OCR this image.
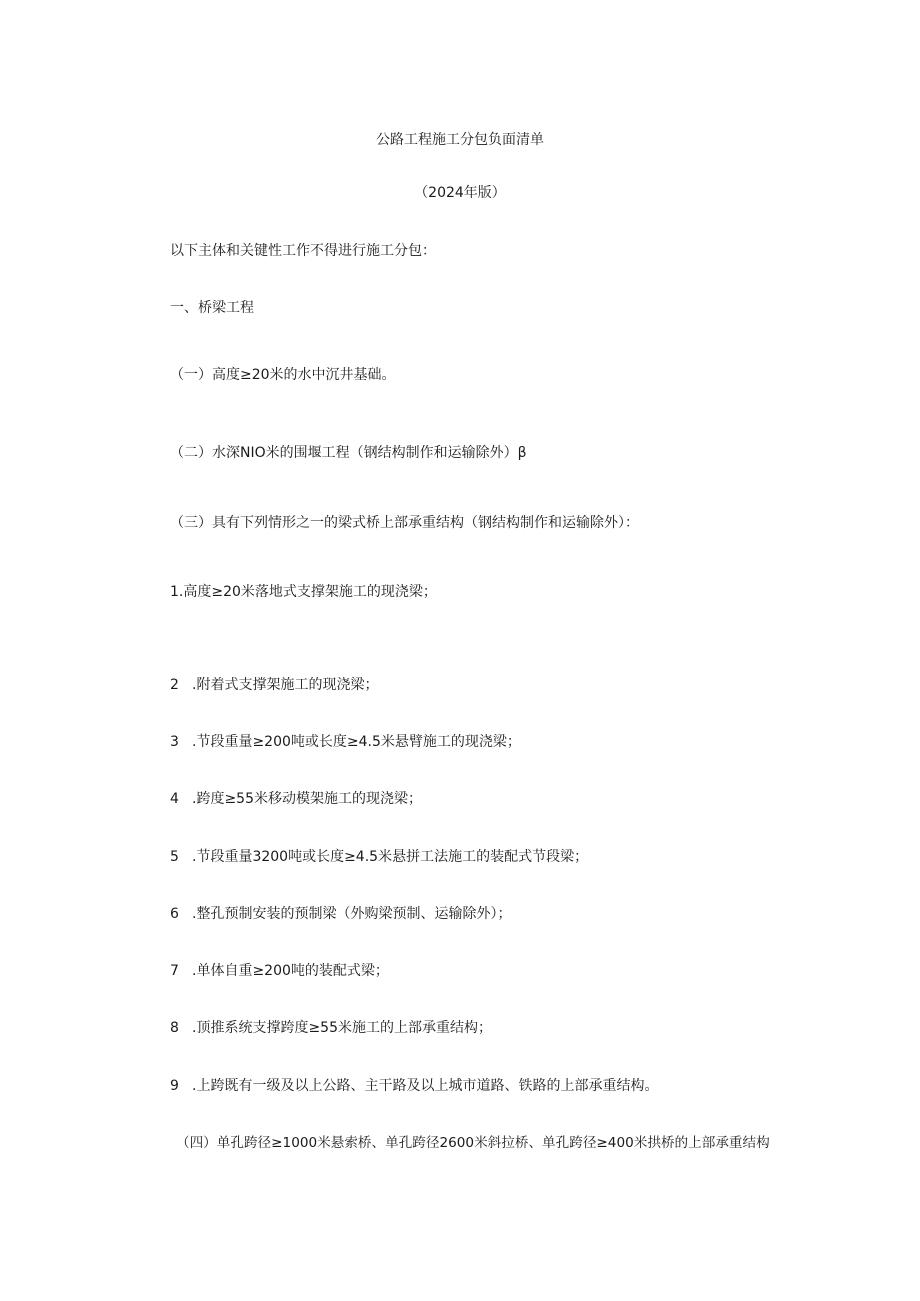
公路工程施工分包负面清单
（2024年版）
以下主体和关键性工作不得进行施工分包：
一、桥梁工程
（一）高度≥20米的水中沉井基础。
（二）水深NIO米的围堰工程（钢结构制作和运输除外）β
（三）具有下列情形之一的梁式桥上部承重结构（钢结构制作和运输除外）：
1.高度≥20米落地式支撑架施工的现浇梁；
2 .附着式支撑架施工的现浇梁；
3 .节段重量≥200吨或长度≥4.5米悬臂施工的现浇梁；
4 .跨度≥55米移动模架施工的现浇梁；
5 .节段重量3200吨或长度≥4.5米悬拼工法施工的装配式节段梁；
6 .整孔预制安装的预制梁（外购梁预制、运输除外）；
7 .单体自重≥200吨的装配式梁；
8 .顶推系统支撑跨度≥55米施工的上部承重结构；
9 .上跨既有一级及以上公路、主干路及以上城市道路、铁路的上部承重结构。
（四）单孔跨径≥1000米悬索桥、单孔跨径2600米斜拉桥、单孔跨径≥400米拱桥的上部承重结构
